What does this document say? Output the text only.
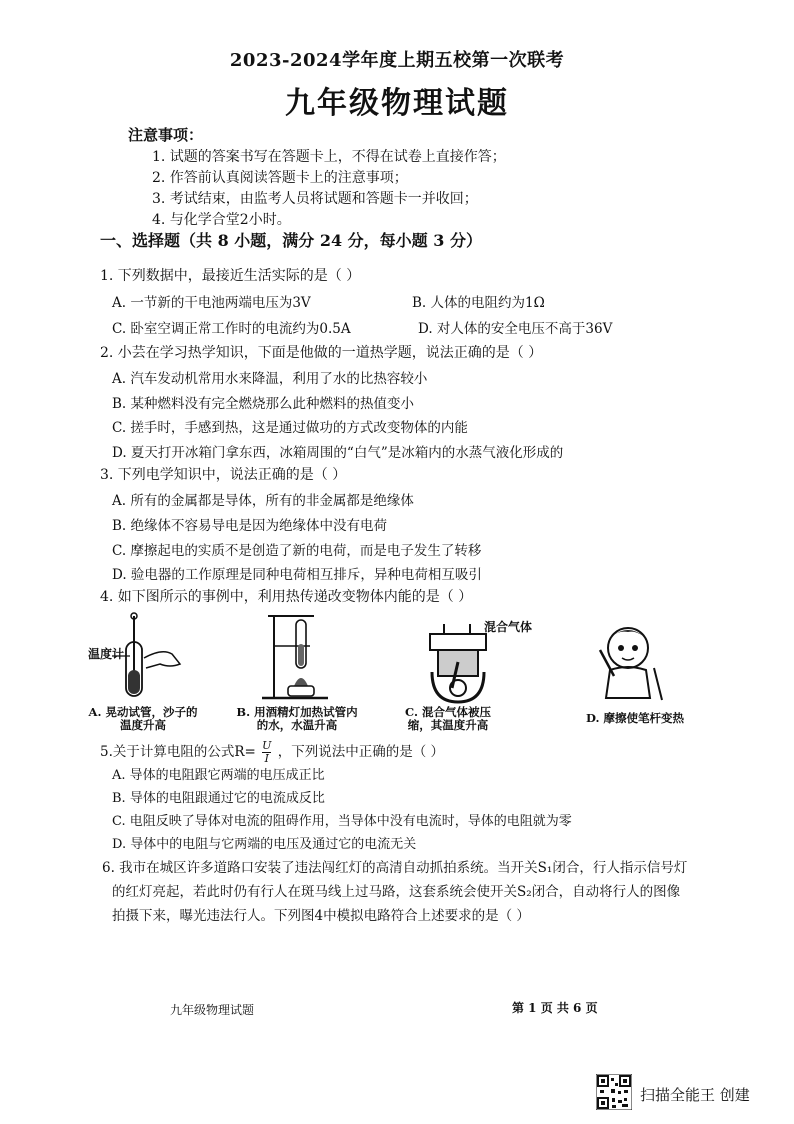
2023-2024学年度上期五校第一次联考
九年级物理试题
注意事项：
1. 试题的答案书写在答题卡上，不得在试卷上直接作答；
2. 作答前认真阅读答题卡上的注意事项；
3. 考试结束，由监考人员将试题和答题卡一并收回；
4. 与化学合堂2小时。
一、选择题（共 8 小题，满分 24 分，每小题 3 分）
1. 下列数据中，最接近生活实际的是（ ）
A. 一节新的干电池两端电压为3V	B. 人体的电阻约为1Ω
C. 卧室空调正常工作时的电流约为0.5A	D. 对人体的安全电压不高于36V
2. 小芸在学习热学知识，下面是他做的一道热学题，说法正确的是（ ）
A. 汽车发动机常用水来降温，利用了水的比热容较小
B. 某种燃料没有完全燃烧那么此种燃料的热值变小
C. 搓手时，手感到热，这是通过做功的方式改变物体的内能
D. 夏天打开冰箱门拿东西，冰箱周围的“白气”是冰箱内的水蒸气液化形成的
3. 下列电学知识中，说法正确的是（ ）
A. 所有的金属都是导体，所有的非金属都是绝缘体
B. 绝缘体不容易导电是因为绝缘体中没有电荷
C. 摩擦起电的实质不是创造了新的电荷，而是电子发生了转移
D. 验电器的工作原理是同种电荷相互排斥，异种电荷相互吸引
4. 如下图所示的事例中，利用热传递改变物体内能的是（ ）
温度计
A. 晃动试管，沙子的温度升高
B. 用酒精灯加热试管内的水，水温升高
混合气体
C. 混合气体被压缩，其温度升高	D. 摩擦使笔杆变热
5.关于计算电阻的公式$R= \frac{U}{I}$ ，下列说法中正确的是（ ）
A. 导体的电阻跟它两端的电压成正比
B. 导体的电阻跟通过它的电流成反比
C. 电阻反映了导体对电流的阻碍作用，当导体中没有电流时，导体的电阻就为零
D. 导体中的电阻与它两端的电压及通过它的电流无关
6. 我市在城区许多道路口安装了违法闯红灯的高清自动抓拍系统。当开关S₁闭合，行人指示信号灯
的红灯亮起，若此时仍有行人在斑马线上过马路，这套系统会使开关S₂闭合，自动将行人的图像
拍摄下来，曝光违法行人。下列图4中模拟电路符合上述要求的是（ ）
九年级物理试题	第 1 页 共 6 页
扫描全能王 创建
